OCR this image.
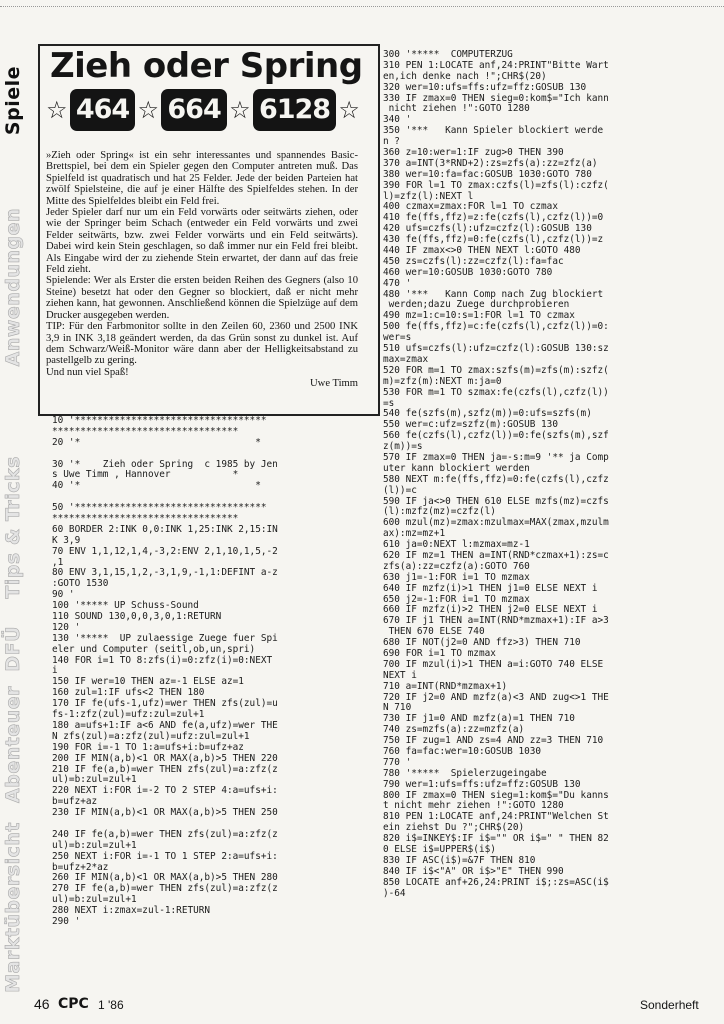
Marktübersicht
Abenteuer
DFÜ
Tips & Tricks
Anwendungen
Spiele Zieh oder Spring
☆ 464 ☆ 664 ☆ 6128 ☆

»Zieh oder Spring« ist ein sehr interessantes und spannendes Basic-Brettspiel, bei dem ein Spieler gegen den Computer antreten muß. Das Spielfeld ist quadratisch und hat 25 Felder. Jede der beiden Parteien hat zwölf Spielsteine, die auf je einer Hälfte des Spielfeldes stehen. In der Mitte des Spielfeldes bleibt ein Feld frei.

Jeder Spieler darf nur um ein Feld vorwärts oder seitwärts ziehen, oder wie der Springer beim Schach (entweder ein Feld vorwärts und zwei Felder seitwärts, bzw. zwei Felder vorwärts und ein Feld seitwärts). Dabei wird kein Stein geschlagen, so daß immer nur ein Feld frei bleibt. Als Eingabe wird der zu ziehende Stein erwartet, der dann auf das freie Feld zieht.

Spielende: Wer als Erster die ersten beiden Reihen des Gegners (also 10 Steine) besetzt hat oder den Gegner so blockiert, daß er nicht mehr ziehen kann, hat gewonnen. Anschließend können die Spielzüge auf dem Drucker ausgegeben werden.

TIP: Für den Farbmonitor sollte in den Zeilen 60, 2360 und 2500 INK 3,9 in INK 3,18 geändert werden, da das Grün sonst zu dunkel ist. Auf dem Schwarz/Weiß-Monitor wäre dann aber der Helligkeitsabstand zu pastellgelb zu gering.

Und nun viel Spaß!

Uwe Timm

10 '**********************************
*********************************
20 '*                               *
30 '*    Zieh oder Spring  c 1985 by Jen
s Uwe Timm , Hannover           *
40 '*                               *
50 '**********************************
*********************************
60 BORDER 2:INK 0,0:INK 1,25:INK 2,15:IN
K 3,9
70 ENV 1,1,12,1,4,-3,2:ENV 2,1,10,1,5,-2
,1
80 ENV 3,1,15,1,2,-3,1,9,-1,1:DEFINT a-z
:GOTO 1530
90 '
100 '***** UP Schuss-Sound
110 SOUND 130,0,0,3,0,1:RETURN
120 '
130 '*****  UP zulaessige Zuege fuer Spi
eler und Computer (seitl,ob,un,spri)
140 FOR i=1 TO 8:zfs(i)=0:zfz(i)=0:NEXT
i
150 IF wer=10 THEN az=-1 ELSE az=1
160 zul=1:IF ufs<2 THEN 180
170 IF fe(ufs-1,ufz)=wer THEN zfs(zul)=u
fs-1:zfz(zul)=ufz:zul=zul+1
180 a=ufs+1:IF a<6 AND fe(a,ufz)=wer THE
N zfs(zul)=a:zfz(zul)=ufz:zul=zul+1
190 FOR i=-1 TO 1:a=ufs+i:b=ufz+az
200 IF MIN(a,b)<1 OR MAX(a,b)>5 THEN 220
210 IF fe(a,b)=wer THEN zfs(zul)=a:zfz(z
ul)=b:zul=zul+1
220 NEXT i:FOR i=-2 TO 2 STEP 4:a=ufs+i:
b=ufz+az
230 IF MIN(a,b)<1 OR MAX(a,b)>5 THEN 250
240 IF fe(a,b)=wer THEN zfs(zul)=a:zfz(z
ul)=b:zul=zul+1
250 NEXT i:FOR i=-1 TO 1 STEP 2:a=ufs+i:
b=ufz+2*az
260 IF MIN(a,b)<1 OR MAX(a,b)>5 THEN 280
270 IF fe(a,b)=wer THEN zfs(zul)=a:zfz(z
ul)=b:zul=zul+1
280 NEXT i:zmax=zul-1:RETURN
290 '
300 '*****  COMPUTERZUG
310 PEN 1:LOCATE anf,24:PRINT"Bitte Wart
en,ich denke nach !";CHR$(20)
320 wer=10:ufs=ffs:ufz=ffz:GOSUB 130
330 IF zmax=0 THEN sieg=0:kom$="Ich kann
nicht ziehen !":GOTO 1280
340 '
350 '***   Kann Spieler blockiert werde
n ?
360 z=10:wer=1:IF zug>0 THEN 390
370 a=INT(3*RND+2):zs=zfs(a):zz=zfz(a)
380 wer=10:fa=fac:GOSUB 1030:GOTO 780
390 FOR l=1 TO zmax:czfs(l)=zfs(l):czfz(
l)=zfz(l):NEXT l
400 czmax=zmax:FOR l=1 TO czmax
410 fe(ffs,ffz)=z:fe(czfs(l),czfz(l))=0
420 ufs=czfs(l):ufz=czfz(l):GOSUB 130
430 fe(ffs,ffz)=0:fe(czfs(l),czfz(l))=z
440 IF zmax<>0 THEN NEXT l:GOTO 480
450 zs=czfs(l):zz=czfz(l):fa=fac
460 wer=10:GOSUB 1030:GOTO 780
470 '
480 '***   Kann Comp nach Zug blockiert
werden;dazu Zuege durchprobieren
490 mz=1:c=10:s=1:FOR l=1 TO czmax
500 fe(ffs,ffz)=c:fe(czfs(l),czfz(l))=0:
wer=s
510 ufs=czfs(l):ufz=czfz(l):GOSUB 130:sz
max=zmax
520 FOR m=1 TO zmax:szfs(m)=zfs(m):szfz(
m)=zfz(m):NEXT m:ja=0
530 FOR m=1 TO szmax:fe(czfs(l),czfz(l))
=s
540 fe(szfs(m),szfz(m))=0:ufs=szfs(m)
550 wer=c:ufz=szfz(m):GOSUB 130
560 fe(czfs(l),czfz(l))=0:fe(szfs(m),szf
z(m))=s
570 IF zmax=0 THEN ja=-s:m=9 '** ja Comp
uter kann blockiert werden
580 NEXT m:fe(ffs,ffz)=0:fe(czfs(l),czfz
(l))=c
590 IF ja<>0 THEN 610 ELSE mzfs(mz)=czfs
(l):mzfz(mz)=czfz(l)
600 mzul(mz)=zmax:mzulmax=MAX(zmax,mzulm
ax):mz=mz+1
610 ja=0:NEXT l:mzmax=mz-1
620 IF mz=1 THEN a=INT(RND*czmax+1):zs=c
zfs(a):zz=czfz(a):GOTO 760
630 j1=-1:FOR i=1 TO mzmax
640 IF mzfz(i)>1 THEN j1=0 ELSE NEXT i
650 j2=-1:FOR i=1 TO mzmax
660 IF mzfz(i)>2 THEN j2=0 ELSE NEXT i
670 IF j1 THEN a=INT(RND*mzmax+1):IF a>3
THEN 670 ELSE 740
680 IF NOT(j2=0 AND ffz>3) THEN 710
690 FOR i=1 TO mzmax
700 IF mzul(i)>1 THEN a=i:GOTO 740 ELSE
NEXT i
710 a=INT(RND*mzmax+1)
720 IF j2=0 AND mzfz(a)<3 AND zug<>1 THE
N 710
730 IF j1=0 AND mzfz(a)=1 THEN 710
740 zs=mzfs(a):zz=mzfz(a)
750 IF zug=1 AND zs=4 AND zz=3 THEN 710
760 fa=fac:wer=10:GOSUB 1030
770 '
780 '*****  Spielerzugeingabe
790 wer=1:ufs=ffs:ufz=ffz:GOSUB 130
800 IF zmax=0 THEN sieg=1:kom$="Du kanns
t nicht mehr ziehen !":GOTO 1280
810 PEN 1:LOCATE anf,24:PRINT"Welchen St
ein ziehst Du ?";CHR$(20)
820 i$=INKEY$:IF i$="" OR i$=" " THEN 82
0 ELSE i$=UPPER$(i$)
830 IF ASC(i$)=&7F THEN 810
840 IF i$<"A" OR i$>"E" THEN 990
850 LOCATE anf+26,24:PRINT i$;:zs=ASC(i$
)-64
46 CPC 1 '86	Sonderheft
